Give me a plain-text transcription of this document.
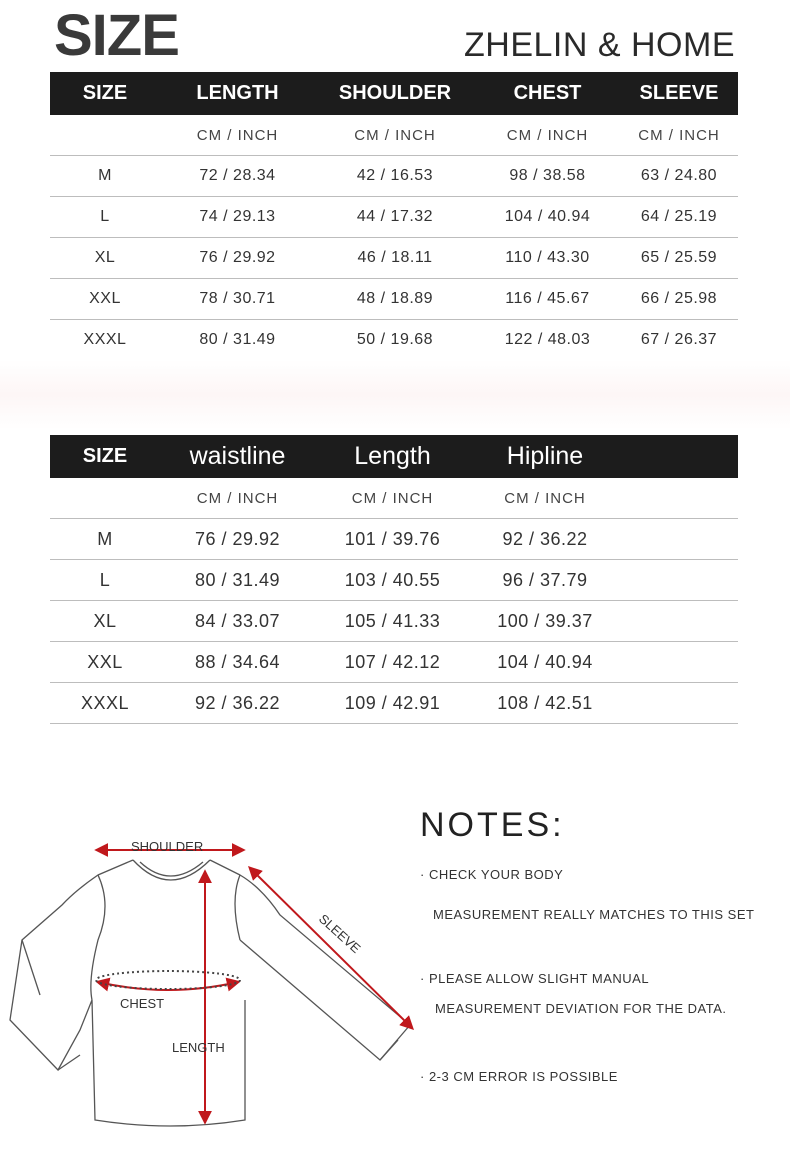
SIZE	ZHELIN & HOME
SIZE	LENGTH	SHOULDER	CHEST	SLEEVE
	CM / INCH	CM / INCH	CM / INCH	CM / INCH
M	72 / 28.34	42 / 16.53	98 / 38.58	63 / 24.80
L	74 / 29.13	44 / 17.32	104 / 40.94	64 / 25.19
XL	76 / 29.92	46 / 18.11	110 / 43.30	65 / 25.59
XXL	78 / 30.71	48 / 18.89	116 / 45.67	66 / 25.98
XXXL	80 / 31.49	50 / 19.68	122 / 48.03	67 / 26.37
SIZE	waistline	Length	Hipline	
	CM / INCH	CM / INCH	CM / INCH	
M	76 / 29.92	101 / 39.76	92 / 36.22	
L	80 / 31.49	103 / 40.55	96 / 37.79	
XL	84 / 33.07	105 / 41.33	100 / 39.37	
XXL	88 / 34.64	107 / 42.12	104 / 40.94	
XXXL	92 / 36.22	109 / 42.91	108 / 42.51	
SHOULDER
SLEEVE
CHEST
LENGTH
NOTES:
· CHECK YOUR BODY
MEASUREMENT REALLY MATCHES TO THIS SET
· PLEASE ALLOW SLIGHT MANUAL
MEASUREMENT DEVIATION FOR THE DATA.
· 2-3 CM ERROR IS POSSIBLE
